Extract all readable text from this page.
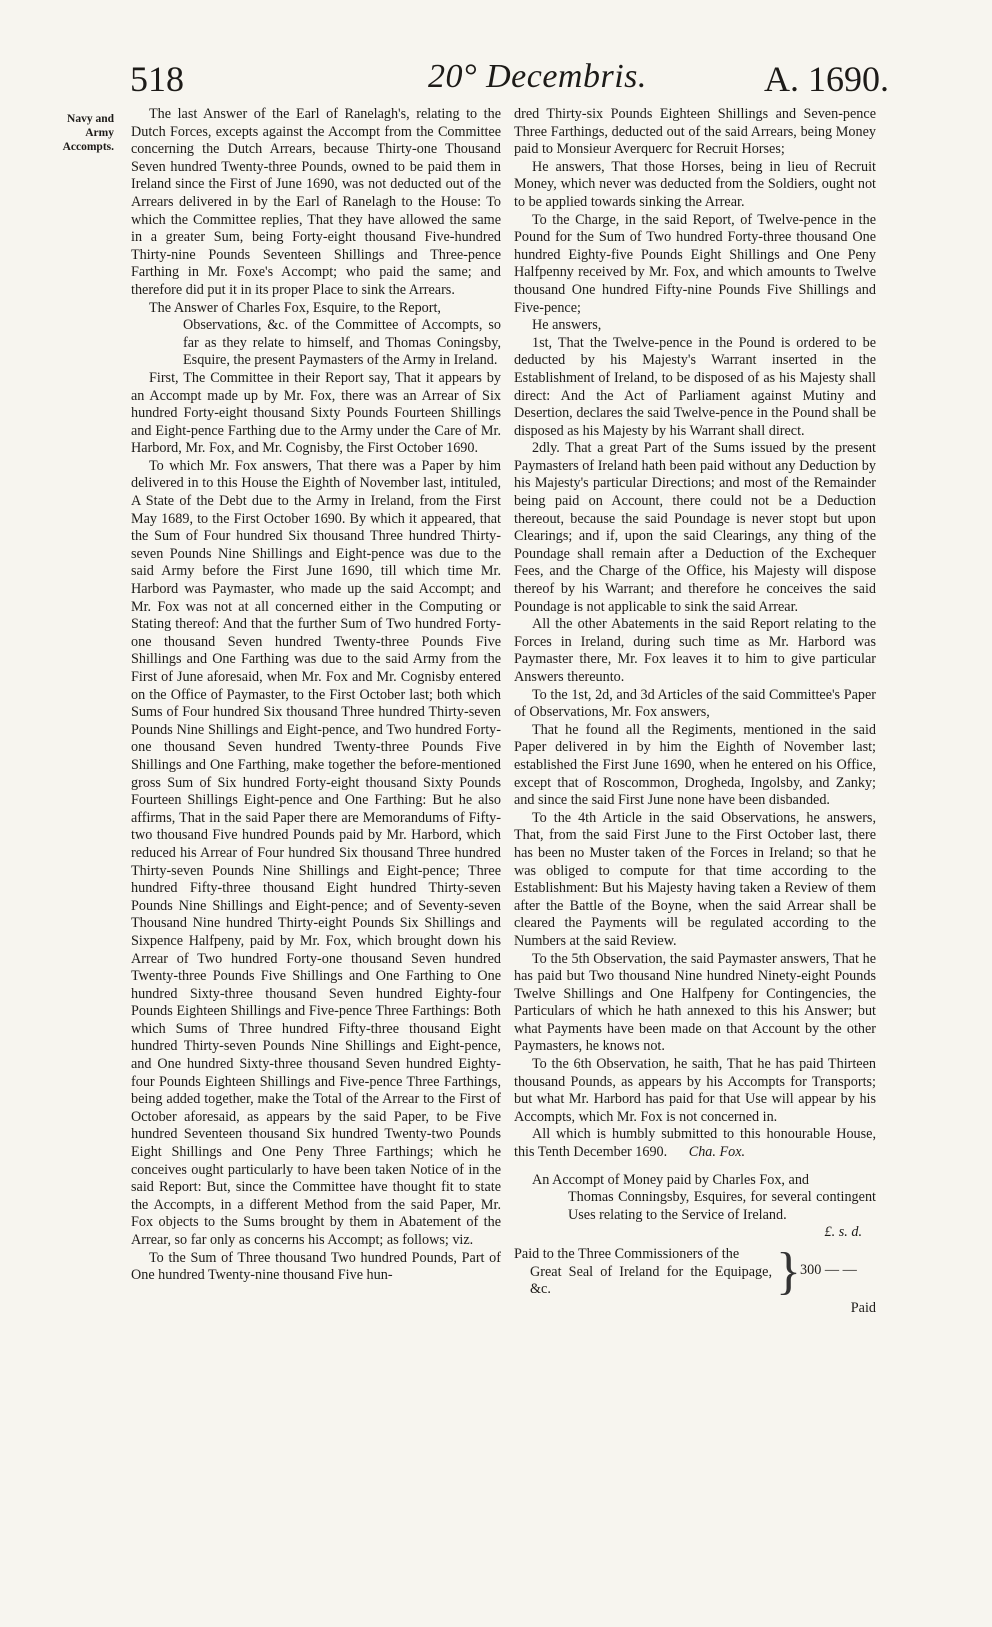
518	20° Decembris.	A. 1690.
Navy and Army Accompts.

The last Answer of the Earl of Ranelagh's, relating to the Dutch Forces, excepts against the Accompt from the Committee concerning the Dutch Arrears, because Thirty-one Thousand Seven hundred Twenty-three Pounds, owned to be paid them in Ireland since the First of June 1690, was not deducted out of the Arrears delivered in by the Earl of Ranelagh to the House: To which the Committee replies, That they have allowed the same in a greater Sum, being Forty-eight thousand Five-hundred Thirty-nine Pounds Seventeen Shillings and Three-pence Farthing in Mr. Foxe's Accompt; who paid the same; and therefore did put it in its proper Place to sink the Arrears.

The Answer of Charles Fox, Esquire, to the Report,
Observations, &c. of the Committee of Accompts, so far as they relate to himself, and Thomas Coningsby, Esquire, the present Paymasters of the Army in Ireland.

First, The Committee in their Report say, That it appears by an Accompt made up by Mr. Fox, there was an Arrear of Six hundred Forty-eight thousand Sixty Pounds Fourteen Shillings and Eight-pence Farthing due to the Army under the Care of Mr. Harbord, Mr. Fox, and Mr. Cognisby, the First October 1690.

To which Mr. Fox answers, That there was a Paper by him delivered in to this House the Eighth of November last, intituled, A State of the Debt due to the Army in Ireland, from the First May 1689, to the First October 1690. By which it appeared, that the Sum of Four hundred Six thousand Three hundred Thirty-seven Pounds Nine Shillings and Eight-pence was due to the said Army before the First June 1690, till which time Mr. Harbord was Paymaster, who made up the said Accompt; and Mr. Fox was not at all concerned either in the Computing or Stating thereof: And that the further Sum of Two hundred Forty-one thousand Seven hundred Twenty-three Pounds Five Shillings and One Farthing was due to the said Army from the First of June aforesaid, when Mr. Fox and Mr. Cognisby entered on the Office of Paymaster, to the First October last; both which Sums of Four hundred Six thousand Three hundred Thirty-seven Pounds Nine Shillings and Eight-pence, and Two hundred Forty-one thousand Seven hundred Twenty-three Pounds Five Shillings and One Farthing, make together the before-mentioned gross Sum of Six hundred Forty-eight thousand Sixty Pounds Fourteen Shillings Eight-pence and One Farthing: But he also affirms, That in the said Paper there are Memorandums of Fifty-two thousand Five hundred Pounds paid by Mr. Harbord, which reduced his Arrear of Four hundred Six thousand Three hundred Thirty-seven Pounds Nine Shillings and Eight-pence; Three hundred Fifty-three thousand Eight hundred Thirty-seven Pounds Nine Shillings and Eight-pence; and of Seventy-seven Thousand Nine hundred Thirty-eight Pounds Six Shillings and Sixpence Halfpeny, paid by Mr. Fox, which brought down his Arrear of Two hundred Forty-one thousand Seven hundred Twenty-three Pounds Five Shillings and One Farthing to One hundred Sixty-three thousand Seven hundred Eighty-four Pounds Eighteen Shillings and Five-pence Three Farthings: Both which Sums of Three hundred Fifty-three thousand Eight hundred Thirty-seven Pounds Nine Shillings and Eight-pence, and One hundred Sixty-three thousand Seven hundred Eighty-four Pounds Eighteen Shillings and Five-pence Three Farthings, being added together, make the Total of the Arrear to the First of October aforesaid, as appears by the said Paper, to be Five hundred Seventeen thousand Six hundred Twenty-two Pounds Eight Shillings and One Peny Three Farthings; which he conceives ought particularly to have been taken Notice of in the said Report: But, since the Committee have thought fit to state the Accompts, in a different Method from the said Paper, Mr. Fox objects to the Sums brought by them in Abatement of the Arrear, so far only as concerns his Accompt; as follows; viz.

To the Sum of Three thousand Two hundred Pounds, Part of One hundred Twenty-nine thousand Five hun-

dred Thirty-six Pounds Eighteen Shillings and Seven-pence Three Farthings, deducted out of the said Arrears, being Money paid to Monsieur Averquerc for Recruit Horses;

He answers, That those Horses, being in lieu of Recruit Money, which never was deducted from the Soldiers, ought not to be applied towards sinking the Arrear.

To the Charge, in the said Report, of Twelve-pence in the Pound for the Sum of Two hundred Forty-three thousand One hundred Eighty-five Pounds Eight Shillings and One Peny Halfpenny received by Mr. Fox, and which amounts to Twelve thousand One hundred Fifty-nine Pounds Five Shillings and Five-pence;

He answers,

1st, That the Twelve-pence in the Pound is ordered to be deducted by his Majesty's Warrant inserted in the Establishment of Ireland, to be disposed of as his Majesty shall direct: And the Act of Parliament against Mutiny and Desertion, declares the said Twelve-pence in the Pound shall be disposed as his Majesty by his Warrant shall direct.

2dly. That a great Part of the Sums issued by the present Paymasters of Ireland hath been paid without any Deduction by his Majesty's particular Directions; and most of the Remainder being paid on Account, there could not be a Deduction thereout, because the said Poundage is never stopt but upon Clearings; and if, upon the said Clearings, any thing of the Poundage shall remain after a Deduction of the Exchequer Fees, and the Charge of the Office, his Majesty will dispose thereof by his Warrant; and therefore he conceives the said Poundage is not applicable to sink the said Arrear.

All the other Abatements in the said Report relating to the Forces in Ireland, during such time as Mr. Harbord was Paymaster there, Mr. Fox leaves it to him to give particular Answers thereunto.

To the 1st, 2d, and 3d Articles of the said Committee's Paper of Observations, Mr. Fox answers,

That he found all the Regiments, mentioned in the said Paper delivered in by him the Eighth of November last; established the First June 1690, when he entered on his Office, except that of Roscommon, Drogheda, Ingolsby, and Zanky; and since the said First June none have been disbanded.

To the 4th Article in the said Observations, he answers, That, from the said First June to the First October last, there has been no Muster taken of the Forces in Ireland; so that he was obliged to compute for that time according to the Establishment: But his Majesty having taken a Review of them after the Battle of the Boyne, when the said Arrear shall be cleared the Payments will be regulated according to the Numbers at the said Review.

To the 5th Observation, the said Paymaster answers, That he has paid but Two thousand Nine hundred Ninety-eight Pounds Twelve Shillings and One Halfpeny for Contingencies, the Particulars of which he hath annexed to this his Answer; but what Payments have been made on that Account by the other Paymasters, he knows not.

To the 6th Observation, he saith, That he has paid Thirteen thousand Pounds, as appears by his Accompts for Transports; but what Mr. Harbord has paid for that Use will appear by his Accompts, which Mr. Fox is not concerned in.

All which is humbly submitted to this honourable House, this Tenth December 1690. Cha. Fox.

An Accompt of Money paid by Charles Fox, and
Thomas Conningsby, Esquires, for several contingent Uses relating to the Service of Ireland.

£. s. d.

Paid to the Three Commissioners of the
Great Seal of Ireland for the Equipage, &c.	} 300 — —

Paid
